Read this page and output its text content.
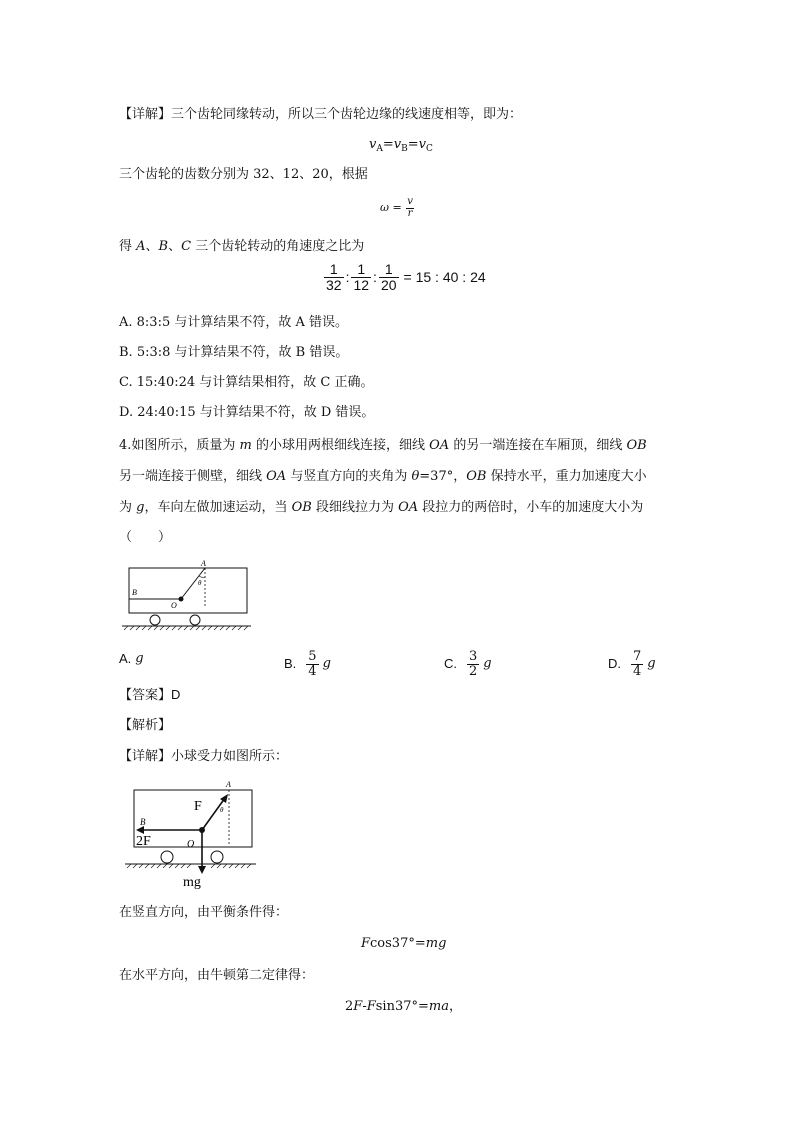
【详解】三个齿轮同缘转动，所以三个齿轮边缘的线速度相等，即为：
$v_A=v_B=v_C$
三个齿轮的齿数分别为 32、12、20，根据
$\omega = \frac{v}{r}$
得 A、B、C 三个齿轮转动的角速度之比为
$\frac{1}{32}$ : $\frac{1}{12}$ : $\frac{1}{20} = 15$ : 40 : 24
A. 8:3:5 与计算结果不符，故 A 错误。
B. 5:3:8 与计算结果不符，故 B 错误。
C. 15:40:24 与计算结果相符，故 C 正确。
D. 24:40:15 与计算结果不符，故 D 错误。
4.如图所示，质量为 m 的小球用两根细线连接，细线 OA 的另一端连接在车厢顶，细线 OB
另一端连接于侧壁，细线 OA 与竖直方向的夹角为 θ=37°，OB 保持水平，重力加速度大小
为 g，车向左做加速运动，当 OB 段细线拉力为 OA 段拉力的两倍时，小车的加速度大小为
（　　）
A
B
O
θ
A. g	B. $\frac{5}{4}$ g	C. $\frac{3}{2}$ g	D. $\frac{7}{4}$ g
【答案】D
【解析】
【详解】小球受力如图所示：
A
F	θ
B
2F	O
mg
在竖直方向，由平衡条件得：
Fcos37°=mg
在水平方向，由牛顿第二定律得：
2F-Fsin37°=ma，
